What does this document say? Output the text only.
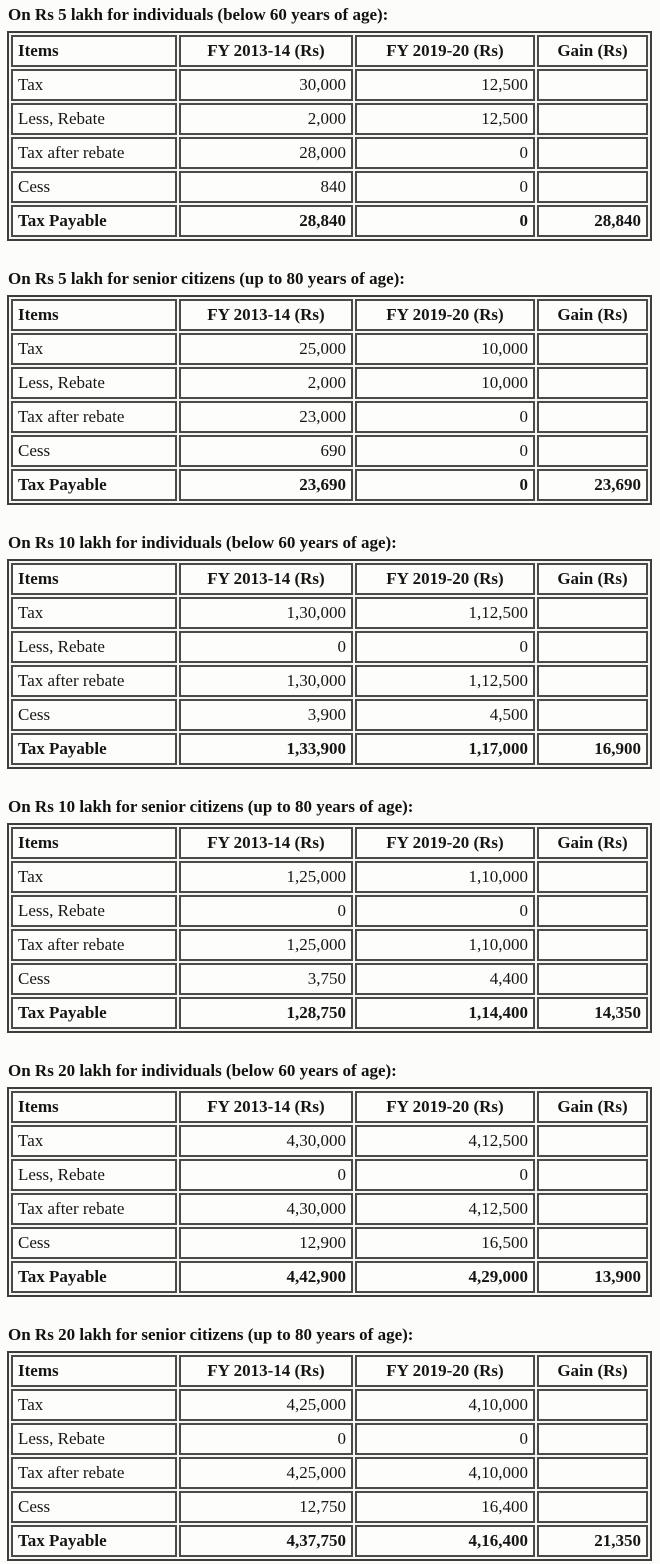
On Rs 5 lakh for individuals (below 60 years of age):
Items	FY 2013-14 (Rs)	FY 2019-20 (Rs)	Gain (Rs)
Tax	30,000	12,500	
Less, Rebate	2,000	12,500	
Tax after rebate	28,000	0	
Cess	840	0	
Tax Payable	28,840	0	28,840
On Rs 5 lakh for senior citizens (up to 80 years of age):
Items	FY 2013-14 (Rs)	FY 2019-20 (Rs)	Gain (Rs)
Tax	25,000	10,000	
Less, Rebate	2,000	10,000	
Tax after rebate	23,000	0	
Cess	690	0	
Tax Payable	23,690	0	23,690
On Rs 10 lakh for individuals (below 60 years of age):
Items	FY 2013-14 (Rs)	FY 2019-20 (Rs)	Gain (Rs)
Tax	1,30,000	1,12,500	
Less, Rebate	0	0	
Tax after rebate	1,30,000	1,12,500	
Cess	3,900	4,500	
Tax Payable	1,33,900	1,17,000	16,900
On Rs 10 lakh for senior citizens (up to 80 years of age):
Items	FY 2013-14 (Rs)	FY 2019-20 (Rs)	Gain (Rs)
Tax	1,25,000	1,10,000	
Less, Rebate	0	0	
Tax after rebate	1,25,000	1,10,000	
Cess	3,750	4,400	
Tax Payable	1,28,750	1,14,400	14,350
On Rs 20 lakh for individuals (below 60 years of age):
Items	FY 2013-14 (Rs)	FY 2019-20 (Rs)	Gain (Rs)
Tax	4,30,000	4,12,500	
Less, Rebate	0	0	
Tax after rebate	4,30,000	4,12,500	
Cess	12,900	16,500	
Tax Payable	4,42,900	4,29,000	13,900
On Rs 20 lakh for senior citizens (up to 80 years of age):
Items	FY 2013-14 (Rs)	FY 2019-20 (Rs)	Gain (Rs)
Tax	4,25,000	4,10,000	
Less, Rebate	0	0	
Tax after rebate	4,25,000	4,10,000	
Cess	12,750	16,400	
Tax Payable	4,37,750	4,16,400	21,350
